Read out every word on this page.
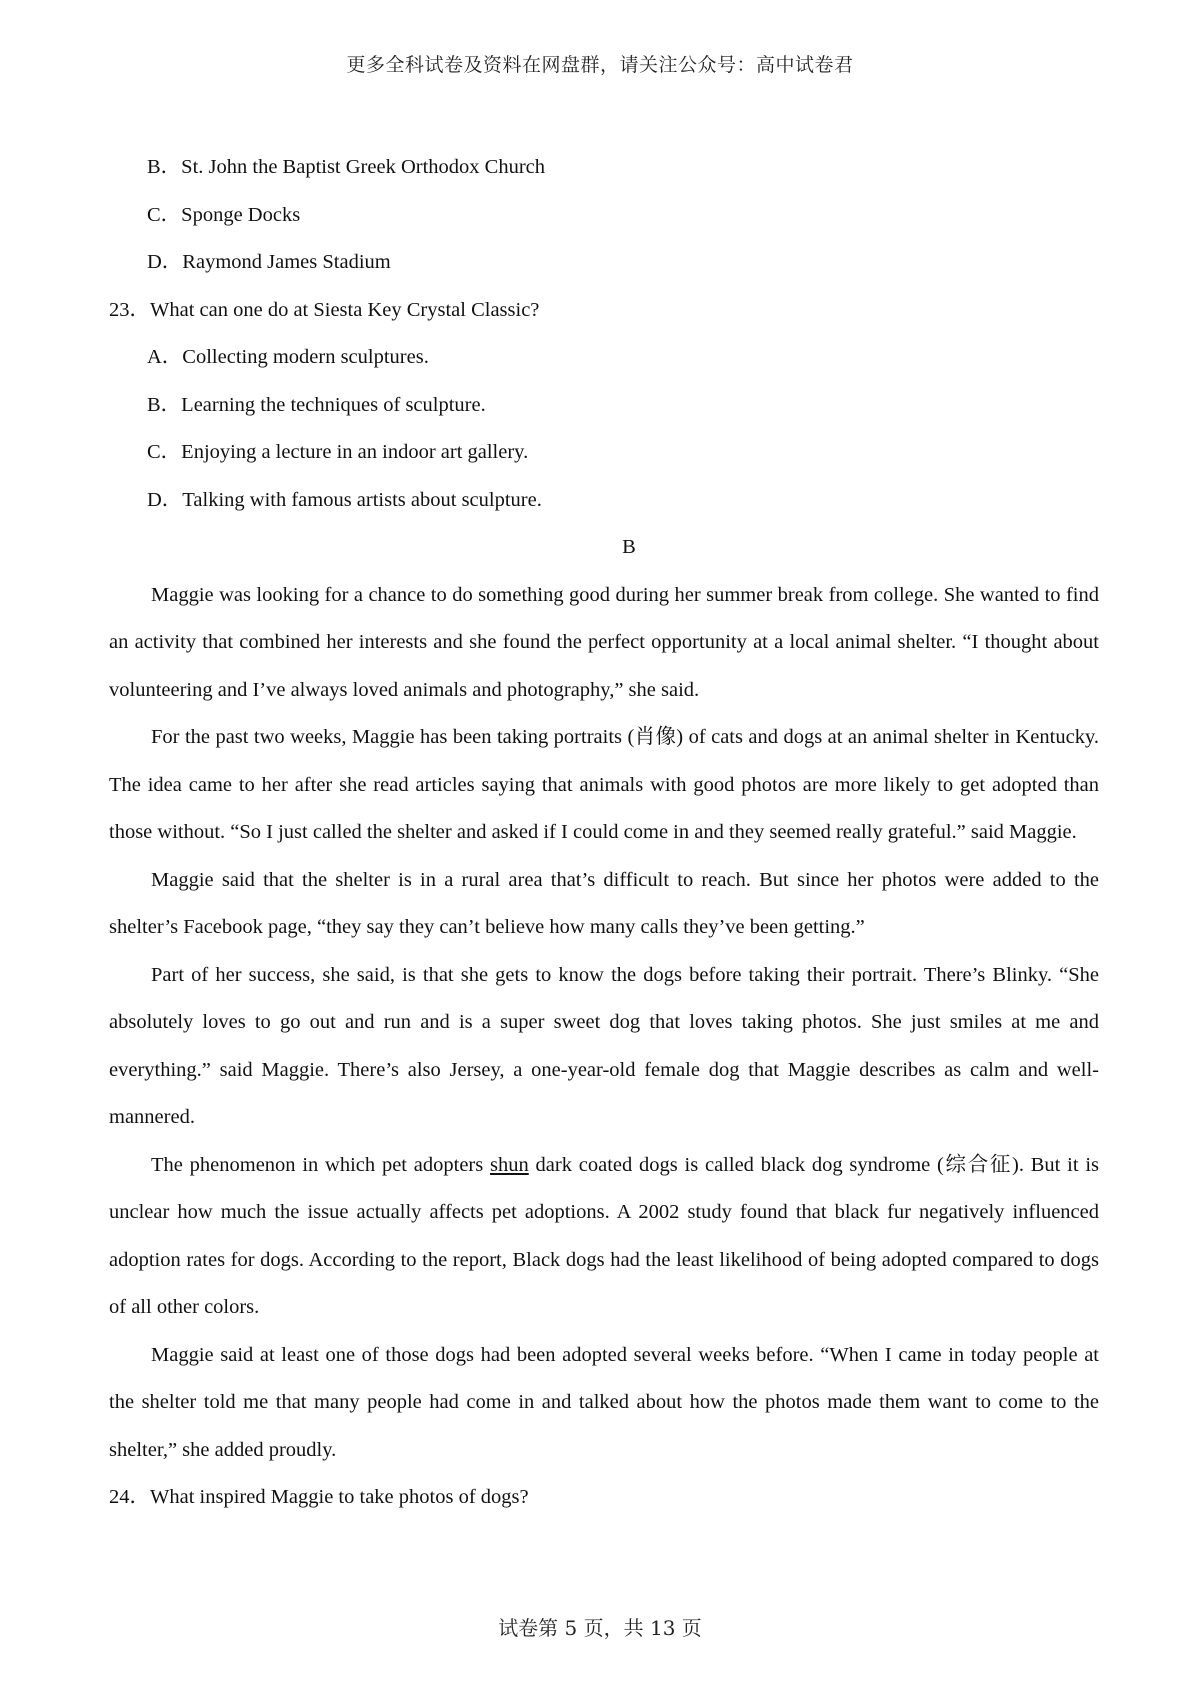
更多全科试卷及资料在网盘群，请关注公众号：高中试卷君
B．St. John the Baptist Greek Orthodox Church
C．Sponge Docks
D．Raymond James Stadium
23．What can one do at Siesta Key Crystal Classic?
A．Collecting modern sculptures.
B．Learning the techniques of sculpture.
C．Enjoying a lecture in an indoor art gallery.
D．Talking with famous artists about sculpture.
B

Maggie was looking for a chance to do something good during her summer break from college. She wanted to find an activity that combined her interests and she found the perfect opportunity at a local animal shelter. “I thought about volunteering and I’ve always loved animals and photography,” she said.

For the past two weeks, Maggie has been taking portraits (肖像) of cats and dogs at an animal shelter in Kentucky. The idea came to her after she read articles saying that animals with good photos are more likely to get adopted than those without. “So I just called the shelter and asked if I could come in and they seemed really grateful.” said Maggie.

Maggie said that the shelter is in a rural area that’s difficult to reach. But since her photos were added to the shelter’s Facebook page, “they say they can’t believe how many calls they’ve been getting.”

Part of her success, she said, is that she gets to know the dogs before taking their portrait. There’s Blinky. “She absolutely loves to go out and run and is a super sweet dog that loves taking photos. She just smiles at me and everything.” said Maggie. There’s also Jersey, a one-year-old female dog that Maggie describes as calm and well-mannered.

The phenomenon in which pet adopters shun dark coated dogs is called black dog syndrome (综合征). But it is unclear how much the issue actually affects pet adoptions. A 2002 study found that black fur negatively influenced adoption rates for dogs. According to the report, Black dogs had the least likelihood of being adopted compared to dogs of all other colors.

Maggie said at least one of those dogs had been adopted several weeks before. “When I came in today people at the shelter told me that many people had come in and talked about how the photos made them want to come to the shelter,” she added proudly.

24．What inspired Maggie to take photos of dogs?
试卷第 5 页，共 13 页
